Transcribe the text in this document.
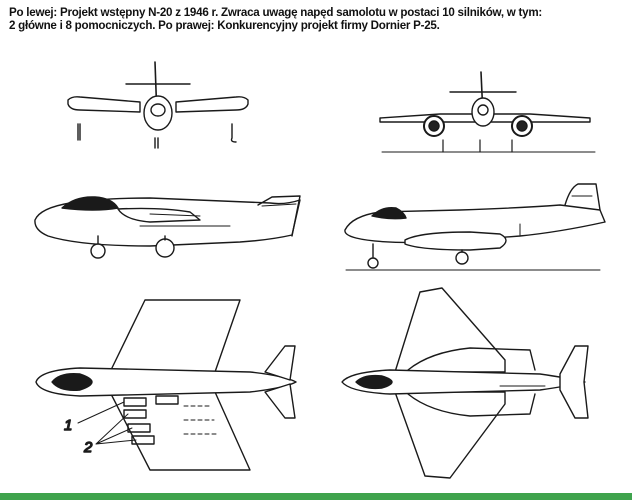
Po lewej: Projekt wstępny N-20 z 1946 r. Zwraca uwagę napęd samolotu w postaci 10 silników, w tym:
2 główne i 8 pomocniczych. Po prawej: Konkurencyjny projekt firmy Dornier P-25.
1
2
